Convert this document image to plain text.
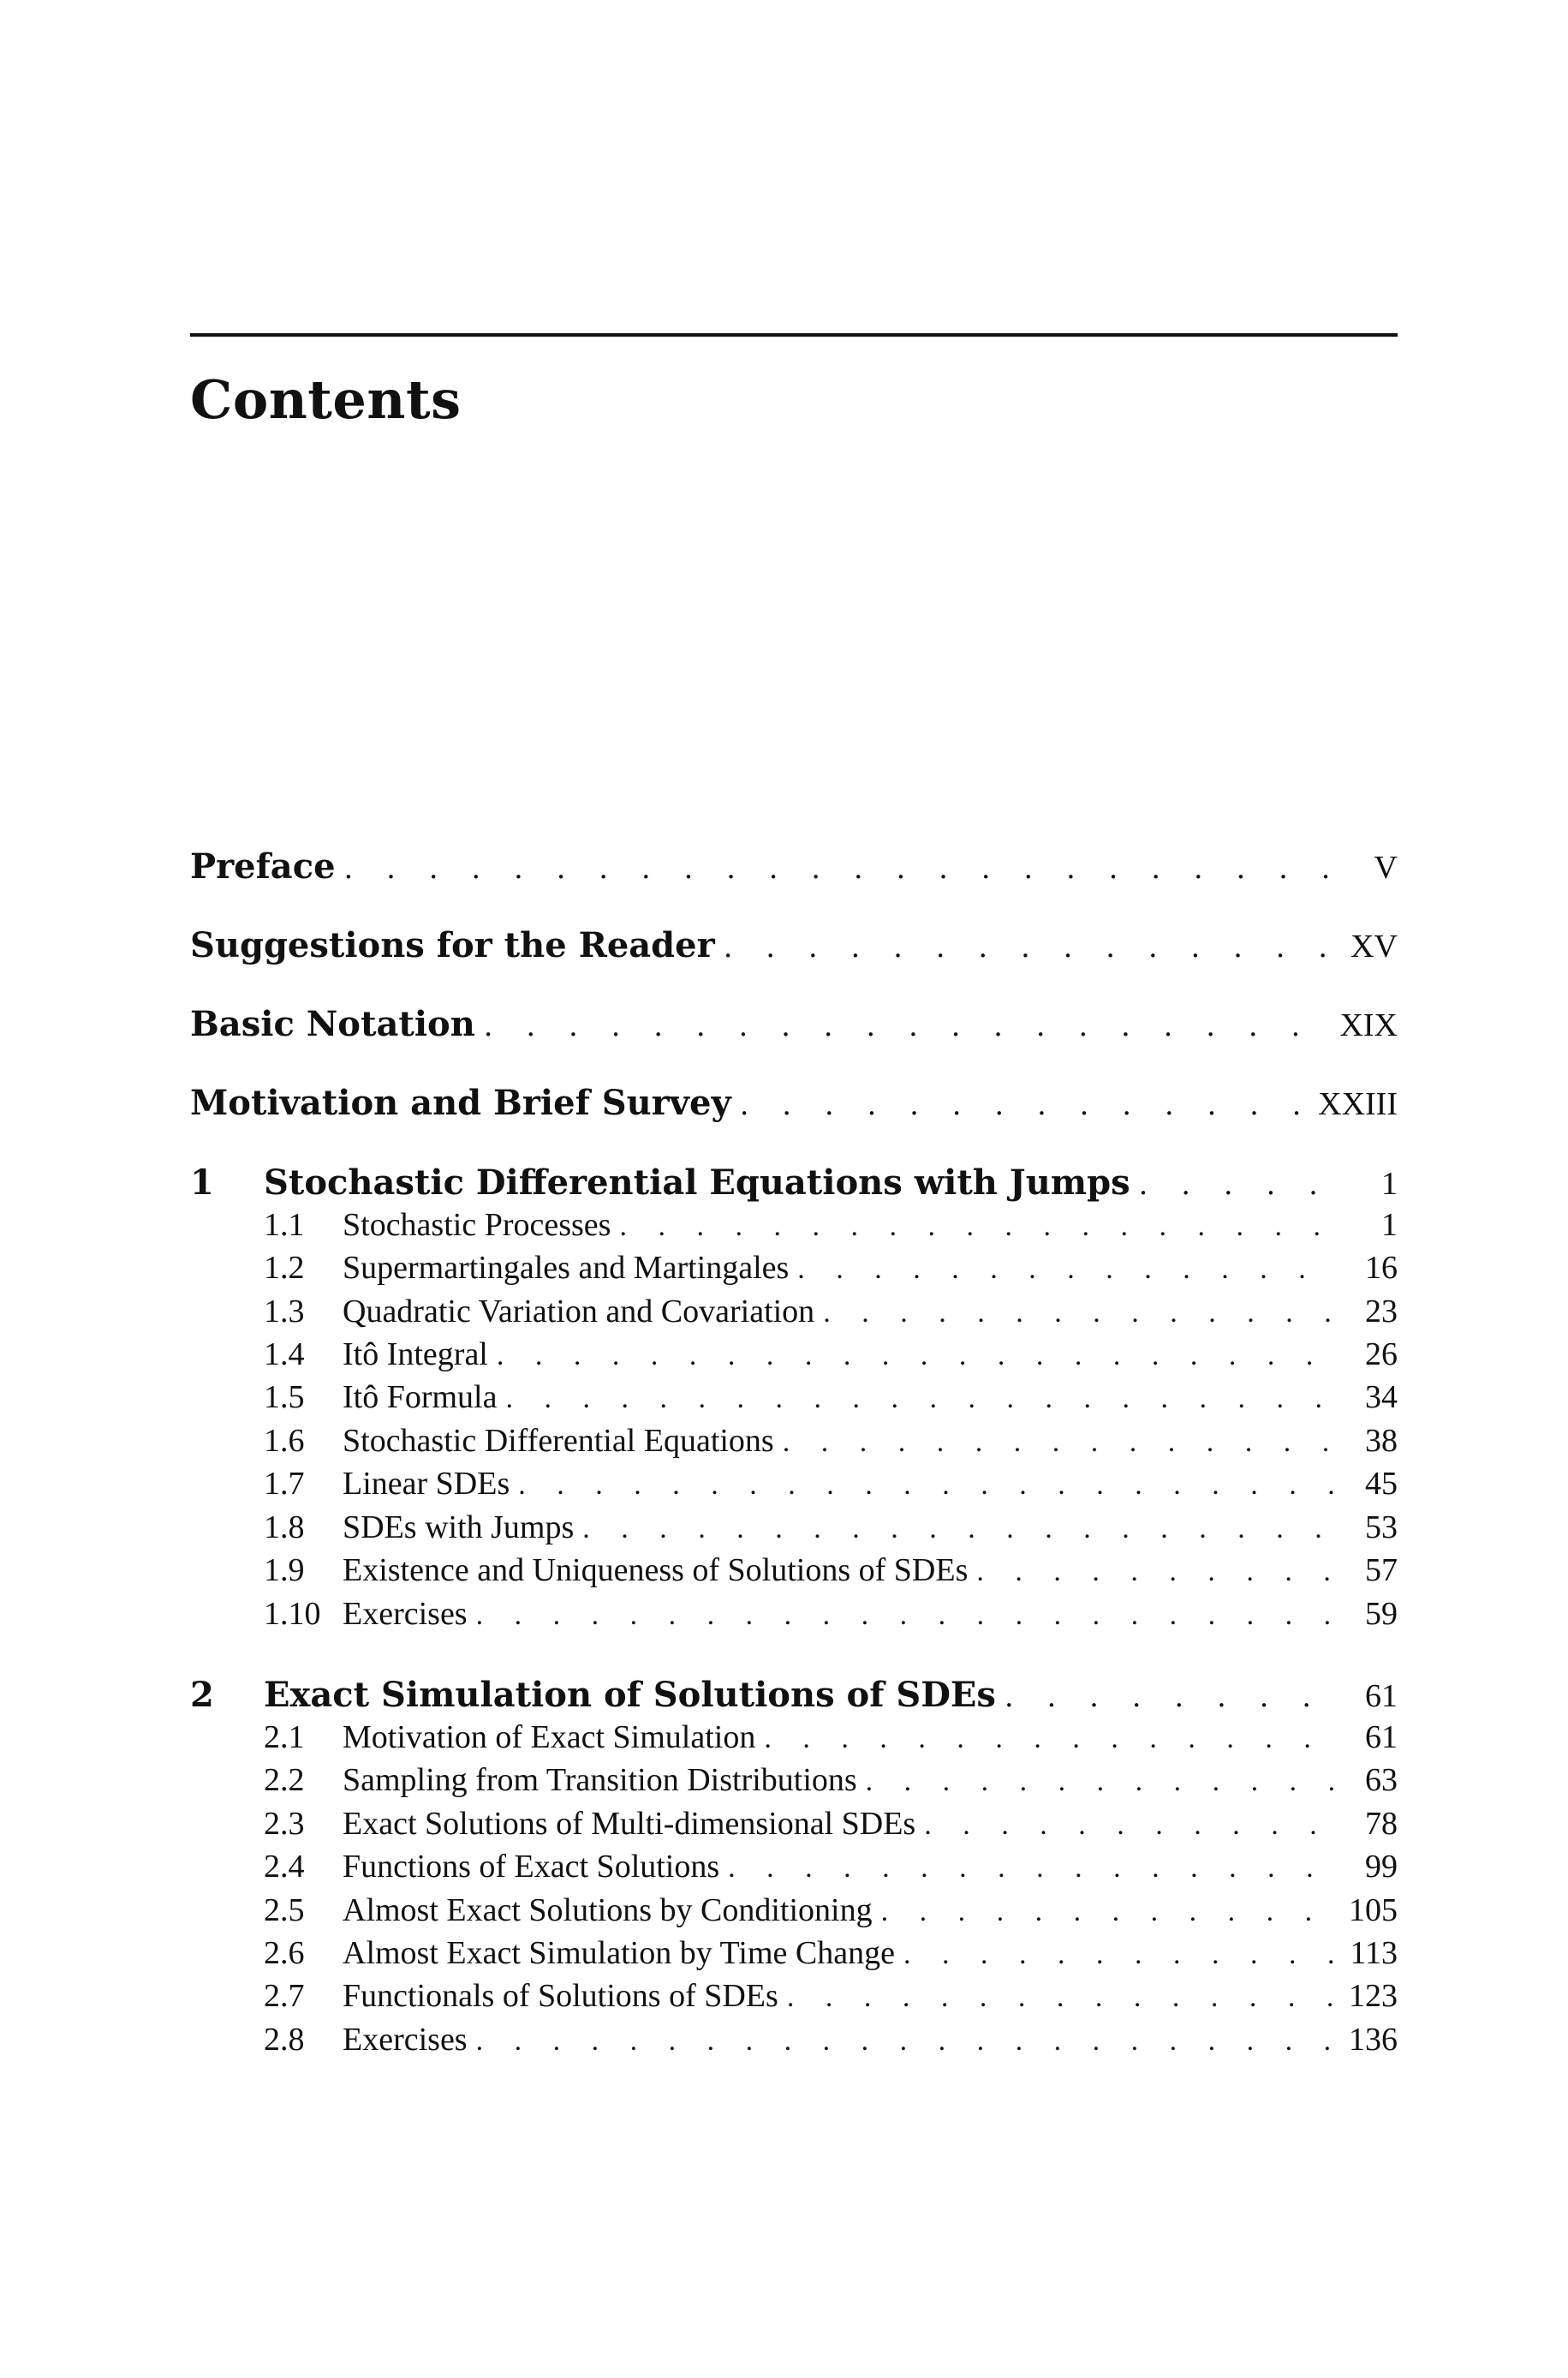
Contents
Preface . . .	V
Suggestions for the Reader . . .	XV
Basic Notation . . .	XIX
Motivation and Brief Survey . . .	XXIII
1	Stochastic Differential Equations with Jumps . . .	1
1.1	Stochastic Processes . . .	1
1.2	Supermartingales and Martingales . . .	16
1.3	Quadratic Variation and Covariation . . .	23
1.4	Itô Integral . . .	26
1.5	Itô Formula . . .	34
1.6	Stochastic Differential Equations . . .	38
1.7	Linear SDEs . . .	45
1.8	SDEs with Jumps . . .	53
1.9	Existence and Uniqueness of Solutions of SDEs . . .	57
1.10 Exercises . . .	59
2	Exact Simulation of Solutions of SDEs . . .	61
2.1	Motivation of Exact Simulation . . .	61
2.2	Sampling from Transition Distributions . . .	63
2.3	Exact Solutions of Multi-dimensional SDEs . . .	78
2.4	Functions of Exact Solutions . . .	99
2.5	Almost Exact Solutions by Conditioning . . .	105
2.6	Almost Exact Simulation by Time Change . . .	113
2.7	Functionals of Solutions of SDEs . . .	123
2.8	Exercises . . .	136
